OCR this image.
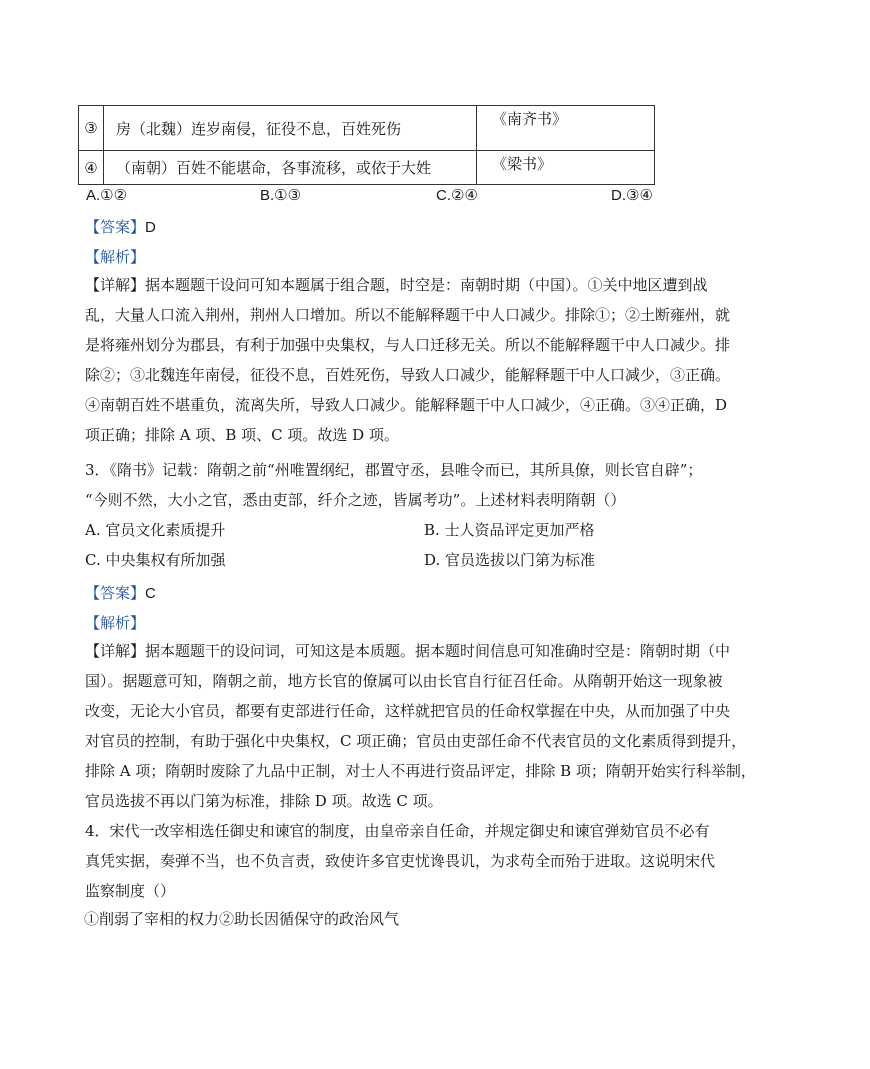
③	房（北魏）连岁南侵，征役不息，百姓死伤	《南齐书》
④	（南朝）百姓不能堪命，各事流移，或依于大姓	《梁书》
A.①②	B.①③	C.②④	D.③④
【答案】D
【解析】

【详解】据本题题干设问可知本题属于组合题，时空是：南朝时期（中国）。①关中地区遭到战

乱，大量人口流入荆州，荆州人口增加。所以不能解释题干中人口减少。排除①；②土断雍州，就

是将雍州划分为郡县，有利于加强中央集权，与人口迁移无关。所以不能解释题干中人口减少。排

除②；③北魏连年南侵，征役不息，百姓死伤，导致人口减少，能解释题干中人口减少，③正确。

④南朝百姓不堪重负，流离失所，导致人口减少。能解释题干中人口减少，④正确。③④正确，D

项正确；排除 A 项、B 项、C 项。故选 D 项。

3．《隋书》记载：隋朝之前“州唯置纲纪，郡置守丞，县唯令而已，其所具僚，则长官自辟”；

“今则不然，大小之官，悉由吏部，纤介之迹，皆属考功”。上述材料表明隋朝（）

A. 官员文化素质提升	B. 士人资品评定更加严格
C. 中央集权有所加强	D. 官员选拔以门第为标准
【答案】C
【解析】

【详解】据本题题干的设问词，可知这是本质题。据本题时间信息可知准确时空是：隋朝时期（中

国）。据题意可知，隋朝之前，地方长官的僚属可以由长官自行征召任命。从隋朝开始这一现象被

改变，无论大小官员，都要有吏部进行任命，这样就把官员的任命权掌握在中央，从而加强了中央

对官员的控制，有助于强化中央集权，C 项正确；官员由吏部任命不代表官员的文化素质得到提升，

排除 A 项；隋朝时废除了九品中正制，对士人不再进行资品评定，排除 B 项；隋朝开始实行科举制，

官员选拔不再以门第为标准，排除 D 项。故选 C 项。

4．宋代一改宰相选任御史和谏官的制度，由皇帝亲自任命，并规定御史和谏官弹劾官员不必有

真凭实据，奏弹不当，也不负言责，致使许多官吏忧谗畏讥，为求苟全而殆于进取。这说明宋代

监察制度（）

①削弱了宰相的权力②助长因循保守的政治风气
